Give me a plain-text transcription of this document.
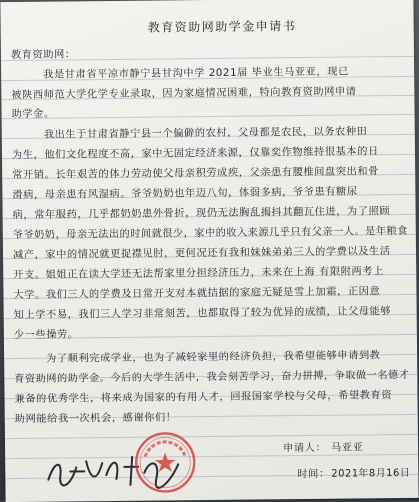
教育资助网助学金申请书
教育资助网：
我是甘肃省平凉市静宁县甘沟中学 2021届 毕业生马亚亚，现已
被陕西师范大学化学专业录取，因为家庭情况困难，特向教育资助网申请
助学金。
我出生于甘肃省静宁县一个偏僻的农村，父母都是农民，以务农种田
为生，他们文化程度不高，家中无固定经济来源，仅靠奕作物维持很基本的日
常开销。长年艰苦的体力劳动使父母亲积劳成疾，父亲患有腰椎间盘突出和骨
滑病，母亲患有风湿病。爷爷奶奶也年迈八旬，体弱多病，爷爷患有糖尿
病，常年服药，几乎都奶奶患外骨折，现仍无法胸乱揭抖其翻瓦住进，为了照顾
爷爷奶奶，母亲无法出的时间就很少，家中的收入来源几乎只有父亲一人。是年粮食
减产，家中的情况就更捉襟见肘，更何况还有我和妹妹弟弟三人的学费以及生活
开支。姐姐正在读大学还无法帮家里分担经济压力，未来在上海 有限附两考上
大学。我们三人的学费及日常开支对本就拮据的家庭无疑是雪上加霜，正因意
知上学不易，我们三人学习非常刻苦，也都取得了较为优异的成绩，让父母能够
少一些操劳。
为了顺利完成学业，也为了减轻家里的经济负担，我希望能够申请到教
育资助网的助学金。今后的大学生活中，我会刻苦学习，奋力拼搏，争取做一名德才
兼备的优秀学生，将来成为国家的有用人才，回报国家学校与父母，希望教育资
助网能给我一次机会，感谢你们！
申请人： 马亚亚
时间： 2021年8月16日
